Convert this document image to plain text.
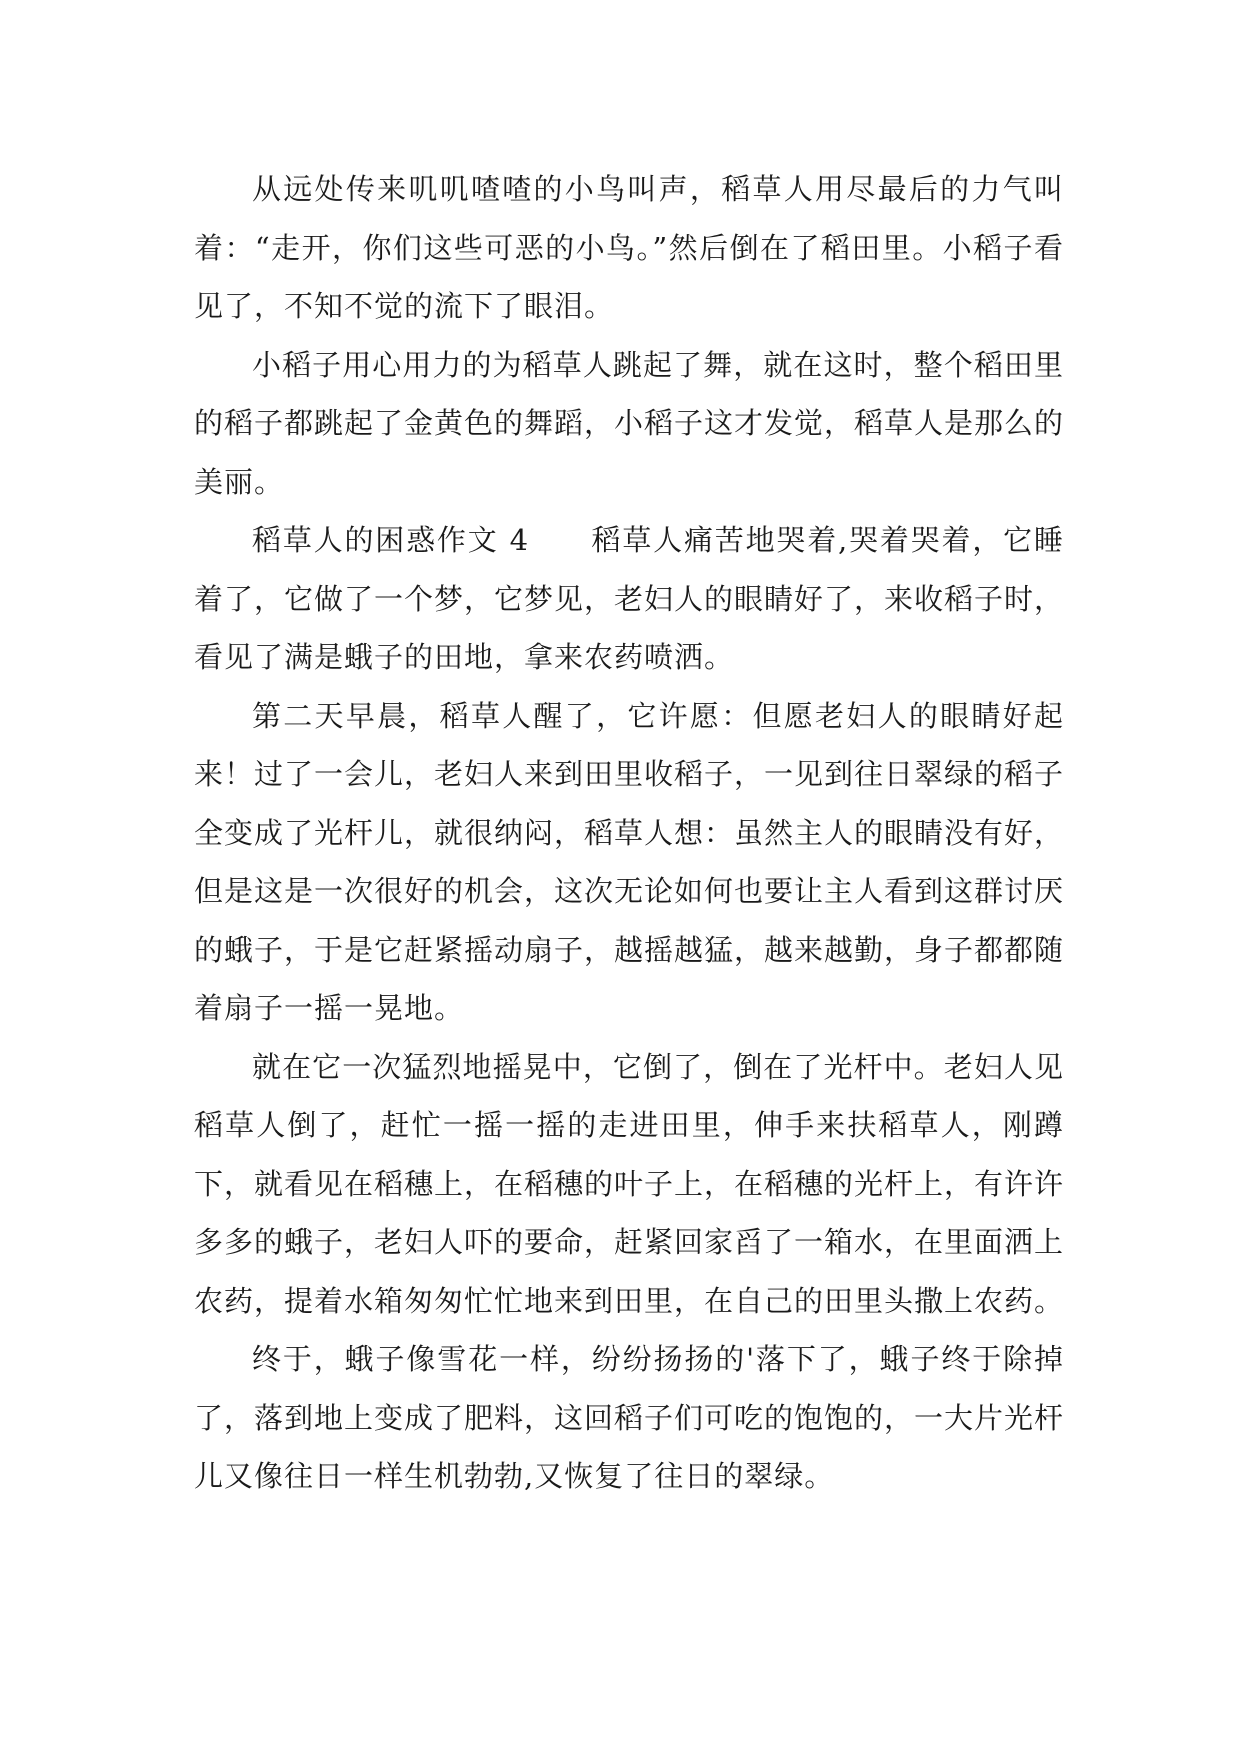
从远处传来叽叽喳喳的小鸟叫声，稻草人用尽最后的力气叫着：“走开，你们这些可恶的小鸟。”然后倒在了稻田里。小稻子看见了，不知不觉的流下了眼泪。

小稻子用心用力的为稻草人跳起了舞，就在这时，整个稻田里的稻子都跳起了金黄色的舞蹈，小稻子这才发觉，稻草人是那么的美丽。

稻草人的困惑作文 4　　稻草人痛苦地哭着,哭着哭着，它睡着了，它做了一个梦，它梦见，老妇人的眼睛好了，来收稻子时，看见了满是蛾子的田地，拿来农药喷洒。

第二天早晨，稻草人醒了，它许愿：但愿老妇人的眼睛好起来！过了一会儿，老妇人来到田里收稻子，一见到往日翠绿的稻子全变成了光杆儿，就很纳闷，稻草人想：虽然主人的眼睛没有好，但是这是一次很好的机会，这次无论如何也要让主人看到这群讨厌的蛾子，于是它赶紧摇动扇子，越摇越猛，越来越勤，身子都都随着扇子一摇一晃地。

就在它一次猛烈地摇晃中，它倒了，倒在了光杆中。老妇人见稻草人倒了，赶忙一摇一摇的走进田里，伸手来扶稻草人，刚蹲下，就看见在稻穗上，在稻穗的叶子上，在稻穗的光杆上，有许许多多的蛾子，老妇人吓的要命，赶紧回家舀了一箱水，在里面洒上农药，提着水箱匆匆忙忙地来到田里，在自己的田里头撒上农药。

终于，蛾子像雪花一样，纷纷扬扬的'落下了，蛾子终于除掉了，落到地上变成了肥料，这回稻子们可吃的饱饱的，一大片光杆儿又像往日一样生机勃勃,又恢复了往日的翠绿。
